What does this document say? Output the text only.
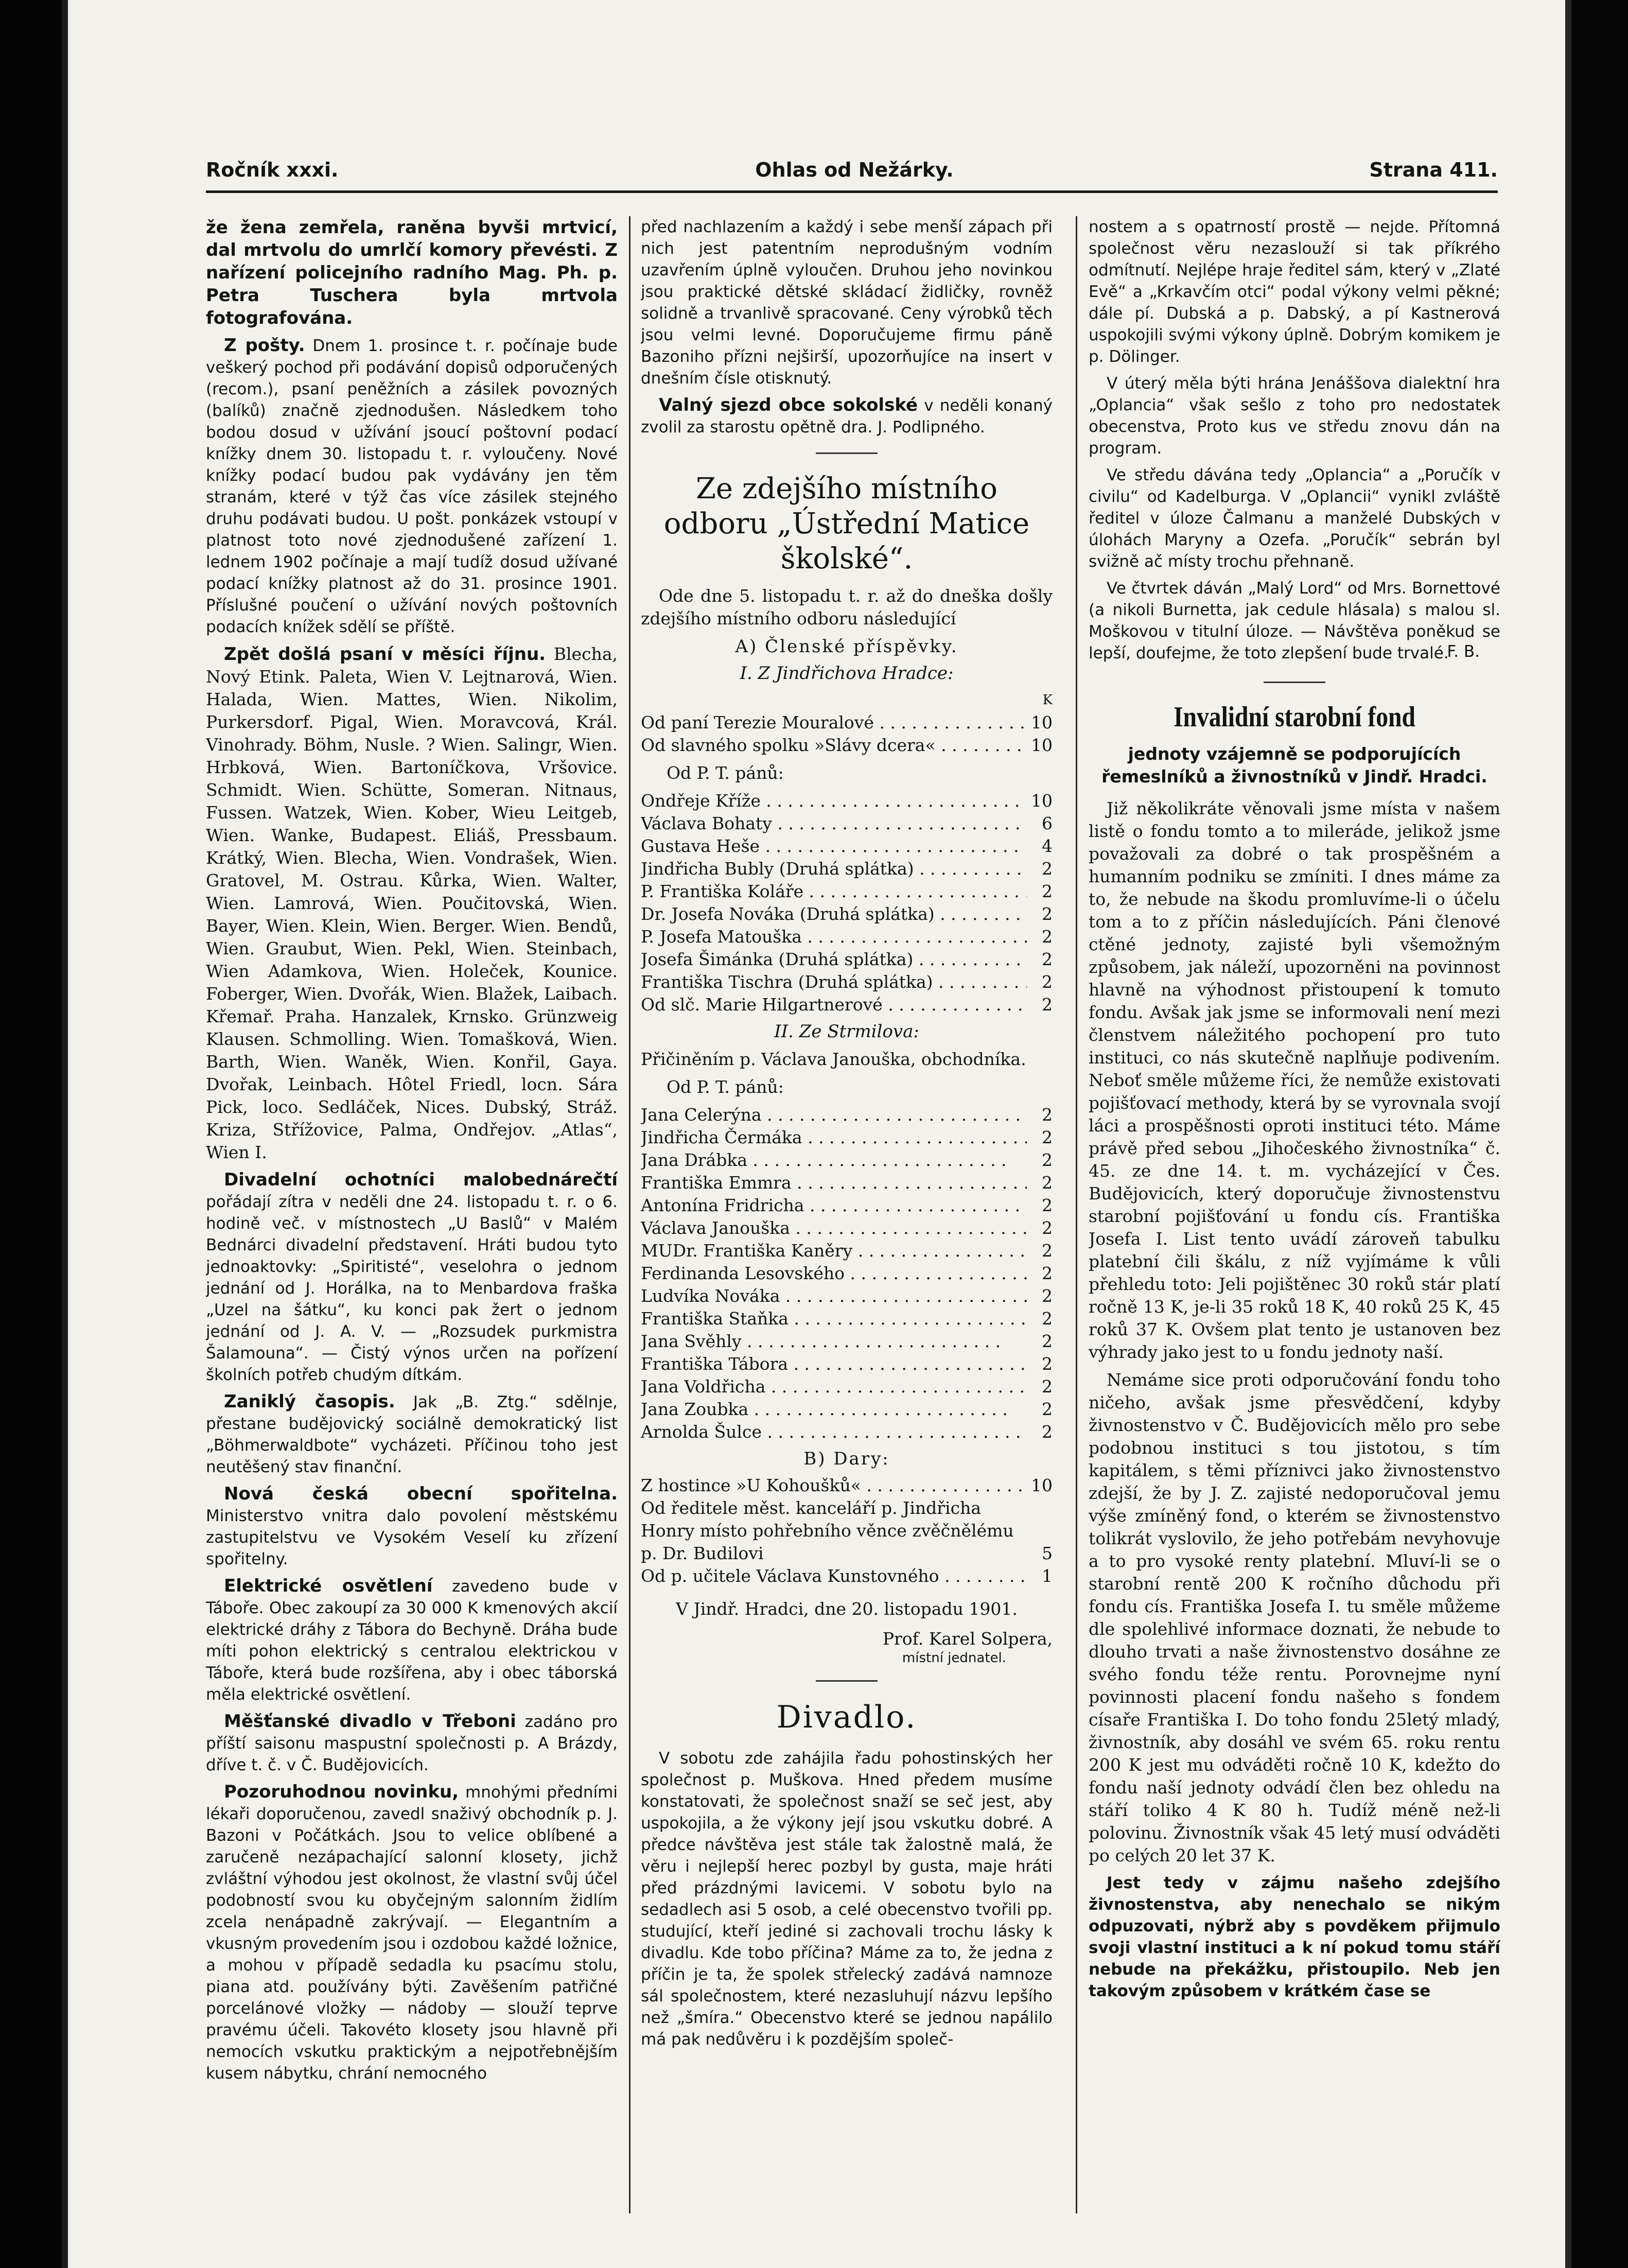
Ročník xxxi.	Ohlas od Nežárky.	Strana 411.

že žena zemřela, raněna byvši mrtvicí, dal mrtvolu do umrlčí komory převésti. Z nařízení policejního radního Mag. Ph. p. Petra Tuschera byla mrtvola fotografována.

Z pošty. Dnem 1. prosince t. r. počínaje bude veškerý pochod při podávání dopisů odporučených (recom.), psaní peněžních a zásilek povozných (balíků) značně zjednodušen. Následkem toho bodou dosud v užívání jsoucí poštovní podací knížky dnem 30. listopadu t. r. vyloučeny. Nové knížky podací budou pak vydávány jen těm stranám, které v týž čas více zásilek stejného druhu podávati budou. U pošt. ponkázek vstoupí v platnost toto nové zjednodušené zařízení 1. lednem 1902 počínaje a mají tudíž dosud užívané podací knížky platnost až do 31. prosince 1901. Příslušné poučení o užívání nových poštovních podacích knížek sdělí se příště.

Zpět došlá psaní v měsíci říjnu. Blecha, Nový Etink. Paleta, Wien V. Lejtnarová, Wien. Halada, Wien. Mattes, Wien. Nikolim, Purkersdorf. Pigal, Wien. Moravcová, Král. Vinohrady. Böhm, Nusle. ? Wien. Salingr, Wien. Hrbková, Wien. Bartoníčkova, Vršovice. Schmidt. Wien. Schütte, Someran. Nitnaus, Fussen. Watzek, Wien. Kober, Wieu Leitgeb, Wien. Wanke, Budapest. Eliáš, Pressbaum. Krátký, Wien. Blecha, Wien. Vondrašek, Wien. Gratovel, M. Ostrau. Kůrka, Wien. Walter, Wien. Lamrová, Wien. Poučitovská, Wien. Bayer, Wien. Klein, Wien. Berger. Wien. Bendů, Wien. Graubut, Wien. Pekl, Wien. Steinbach, Wien Adamkova, Wien. Holeček, Kounice. Foberger, Wien. Dvořák, Wien. Blažek, Laibach. Křemař. Praha. Hanzalek, Krnsko. Grünzweig Klausen. Schmolling. Wien. Tomašková, Wien. Barth, Wien. Waněk, Wien. Konřil, Gaya. Dvořak, Leinbach. Hôtel Friedl, locn. Sára Pick, loco. Sedláček, Nices. Dubský, Stráž. Kriza, Střížovice, Palma, Ondřejov. „Atlas“, Wien I.

Divadelní ochotníci malobednárečtí pořádají zítra v neděli dne 24. listopadu t. r. o 6. hodině več. v místnostech „U Baslů“ v Malém Bednárci divadelní představení. Hráti budou tyto jednoaktovky: „Spiritisté“, veselohra o jednom jednání od J. Horálka, na to Menbardova fraška „Uzel na šátku“, ku konci pak žert o jednom jednání od J. A. V. — „Rozsudek purkmistra Šalamouna“. — Čistý výnos určen na pořízení školních potřeb chudým dítkám.

Zaniklý časopis. Jak „B. Ztg.“ sdělnje, přestane budějovický sociálně demokratický list „Böhmerwaldbote“ vycházeti. Příčinou toho jest neutěšený stav finanční.

Nová česká obecní spořitelna. Ministerstvo vnitra dalo povolení městskému zastupitelstvu ve Vysokém Veselí ku zřízení spořitelny.

Elektrické osvětlení zavedeno bude v Táboře. Obec zakoupí za 30 000 K kmenových akcií elektrické dráhy z Tábora do Bechyně. Dráha bude míti pohon elektrický s centralou elektrickou v Táboře, která bude rozšířena, aby i obec táborská měla elektrické osvětlení.

Měšťanské divadlo v Třeboni zadáno pro příští saisonu maspustní společnosti p. A Brázdy, dříve t. č. v Č. Budějovicích.

Pozoruhodnou novinku, mnohými předními lékaři doporučenou, zavedl snaživý obchodník p. J. Bazoni v Počátkách. Jsou to velice oblíbené a zaručeně nezápachající salonní klosety, jichž zvláštní výhodou jest okolnost, že vlastní svůj účel podobností svou ku obyčejným salonním židlím zcela nenápadně zakrývají. — Elegantním a vkusným provedením jsou i ozdobou každé ložnice, a mohou v případě sedadla ku psacímu stolu, piana atd. používány býti. Zavěšením patřičné porcelánové vložky — nádoby — slouží teprve pravému účeli. Takovéto klosety jsou hlavně při nemocích vskutku praktickým a nejpotřebnějším kusem nábytku, chrání nemocného

před nachlazením a každý i sebe menší zápach při nich jest patentním neprodušným vodním uzavřením úplně vyloučen. Druhou jeho novinkou jsou praktické dětské skládací židličky, rovněž solidně a trvanlivě spracované. Ceny výrobků těch jsou velmi levné. Doporučujeme firmu páně Bazoniho přízni nejširší, upozorňujíce na insert v dnešním čísle otisknutý.

Valný sjezd obce sokolské v neděli konaný zvolil za starostu opětně dra. J. Podlipného.

Ze zdejšího místního odboru „Ústřední Matice školské“.

Ode dne 5. listopadu t. r. až do dneška došly zdejšího místního odboru následující

A) Členské příspěvky.
I. Z Jindřichova Hradce:
K
Od paní Terezie Mouralové . .	10
Od slavného spolku »Slávy dcera« . .	10
Od P. T. pánů:
Ondřeje Kříže . .	10
Václava Bohaty . .	6
Gustava Heše . .	4
Jindřicha Bubly (Druhá splátka) . .	2
P. Františka Koláře . .	2
Dr. Josefa Nováka (Druhá splátka) . .	2
P. Josefa Matouška . .	2
Josefa Šimánka (Druhá splátka) . .	2
Františka Tischra (Druhá splátka) . .	2
Od slč. Marie Hilgartnerové . .	2
II. Ze Strmilova:
Přičiněním p. Václava Janouška, obchodníka.
Od P. T. pánů:
Jana Celerýna . .	2
Jindřicha Čermáka . .	2
Jana Drábka . .	2
Františka Emmra . .	2
Antonína Fridricha . .	2
Václava Janouška . .	2
MUDr. Františka Kaněry . .	2
Ferdinanda Lesovského . .	2
Ludvíka Nováka . .	2
Františka Staňka . .	2
Jana Svěhly . .	2
Františka Tábora . .	2
Jana Voldřicha . .	2
Jana Zoubka . .	2
Arnolda Šulce . .	2
B) Dary:
Z hostince »U Kohoušků« . .	10
Od ředitele měst. kanceláří p. Jindřicha Honry místo pohřebního věnce zvěčnělému p. Dr. Budilovi	5
Od p. učitele Václava Kunstovného . .	1
V Jindř. Hradci, dne 20. listopadu 1901.
Prof. Karel Solpera,
místní jednatel.
Divadlo.

V sobotu zde zahájila řadu pohostinských her společnost p. Muškova. Hned předem musíme konstatovati, že společnost snaží se seč jest, aby uspokojila, a že výkony její jsou vskutku dobré. A předce návštěva jest stále tak žalostně malá, že věru i nejlepší herec pozbyl by gusta, maje hráti před prázdnými lavicemi. V sobotu bylo na sedadlech asi 5 osob, a celé obecenstvo tvořili pp. studující, kteří jediné si zachovali trochu lásky k divadlu. Kde tobo příčina? Máme za to, že jedna z příčin je ta, že spolek střelecký zadává namnoze sál společnostem, které nezasluhují názvu lepšího než „šmíra.“ Obecenstvo které se jednou napálilo má pak nedůvěru i k pozdějším společ-

nostem a s opatrností prostě — nejde. Přítomná společnost věru nezaslouží si tak příkrého odmítnutí. Nejlépe hraje ředitel sám, který v „Zlaté Evě“ a „Krkavčím otci“ podal výkony velmi pěkné; dále pí. Dubská a p. Dabský, a pí Kastnerová uspokojili svými výkony úplně. Dobrým komikem je p. Dölinger.

V úterý měla býti hrána Jenáššova dialektní hra „Oplancia“ však sešlo z toho pro nedostatek obecenstva, Proto kus ve středu znovu dán na program.

Ve středu dávána tedy „Oplancia“ a „Poručík v civilu“ od Kadelburga. V „Oplancii“ vynikl zvláště ředitel v úloze Čalmanu a manželé Dubských v úlohách Maryny a Ozefa. „Poručík“ sebrán byl svižně ač místy trochu přehnaně.

Ve čtvrtek dáván „Malý Lord“ od Mrs. Bornettové (a nikoli Burnetta, jak cedule hlásala) s malou sl. Moškovou v titulní úloze. — Návštěva poněkud se lepší, doufejme, že toto zlepšení bude trvalé.

F. B.
Invalidní starobní fond
jednoty vzájemně se podporujících řemeslníků a živnostníků v Jindř. Hradci.

Již několikráte věnovali jsme místa v našem listě o fondu tomto a to mileráde, jelikož jsme považovali za dobré o tak prospěšném a humanním podniku se zmíniti. I dnes máme za to, že nebude na škodu promluvíme-li o účelu tom a to z příčin následujících. Páni členové ctěné jednoty, zajisté byli všemožným způsobem, jak náleží, upozorněni na povinnost hlavně na výhodnost přistoupení k tomuto fondu. Avšak jak jsme se informovali není mezi členstvem náležitého pochopení pro tuto instituci, co nás skutečně naplňuje podivením. Neboť směle můžeme říci, že nemůže existovati pojišťovací methody, která by se vyrovnala svojí láci a prospěšnosti oproti instituci této. Máme právě před sebou „Jihočeského živnostníka“ č. 45. ze dne 14. t. m. vycházející v Čes. Budějovicích, který doporučuje živnostenstvu starobní pojišťování u fondu cís. Františka Josefa I. List tento uvádí zároveň tabulku platební čili škálu, z níž vyjímáme k vůli přehledu toto: Jeli pojištěnec 30 roků stár platí ročně 13 K, je-li 35 roků 18 K, 40 roků 25 K, 45 roků 37 K. Ovšem plat tento je ustanoven bez výhrady jako jest to u fondu jednoty naší.

Nemáme sice proti odporučování fondu toho ničeho, avšak jsme přesvědčení, kdyby živnostenstvo v Č. Budějovicích mělo pro sebe podobnou instituci s tou jistotou, s tím kapitálem, s těmi příznivci jako živnostenstvo zdejší, že by J. Z. zajisté nedoporučoval jemu výše zmíněný fond, o kterém se živnostenstvo tolikrát vyslovilo, že jeho potřebám nevyhovuje a to pro vysoké renty platební. Mluví-li se o starobní rentě 200 K ročního důchodu při fondu cís. Františka Josefa I. tu směle můžeme dle spolehlivé informace doznati, že nebude to dlouho trvati a naše živnostenstvo dosáhne ze svého fondu téže rentu. Porovnejme nyní povinnosti placení fondu našeho s fondem císaře Františka I. Do toho fondu 25letý mladý, živnostník, aby dosáhl ve svém 65. roku rentu 200 K jest mu odváděti ročně 10 K, kdežto do fondu naší jednoty odvádí člen bez ohledu na stáří toliko 4 K 80 h. Tudíž méně než-li polovinu. Živnostník však 45 letý musí odváděti po celých 20 let 37 K.

Jest tedy v zájmu našeho zdejšího živnostenstva, aby nenechalo se nikým odpuzovati, nýbrž aby s povděkem přijmulo svoji vlastní instituci a k ní pokud tomu stáří nebude na překážku, přistoupilo. Neb jen takovým způsobem v krátkém čase se
